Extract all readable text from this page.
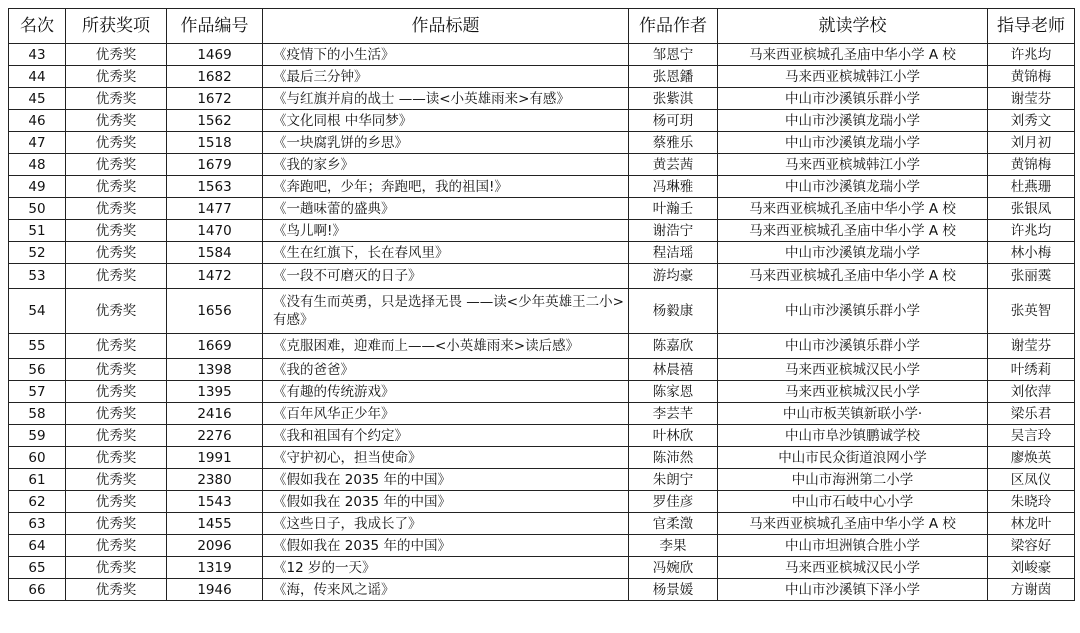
名次	所获奖项	作品编号	作品标题	作品作者	就读学校	指导老师
43	优秀奖	1469	《疫情下的小生活》	邹恩宁	马来西亚槟城孔圣庙中华小学 A 校	许兆均
44	优秀奖	1682	《最后三分钟》	张恩鐇	马来西亚槟城韩江小学	黄锦梅
45	优秀奖	1672	《与红旗并肩的战士 ——读<小英雄雨来>有感》	张紫淇	中山市沙溪镇乐群小学	谢莹芬
46	优秀奖	1562	《文化同根 中华同梦》	杨可玥	中山市沙溪镇龙瑞小学	刘秀文
47	优秀奖	1518	《一块腐乳饼的乡思》	蔡雅乐	中山市沙溪镇龙瑞小学	刘月初
48	优秀奖	1679	《我的家乡》	黄芸茜	马来西亚槟城韩江小学	黄锦梅
49	优秀奖	1563	《奔跑吧，少年；奔跑吧，我的祖国!》	冯琳雅	中山市沙溪镇龙瑞小学	杜燕珊
50	优秀奖	1477	《一趟味蕾的盛典》	叶瀚壬	马来西亚槟城孔圣庙中华小学 A 校	张银凤
51	优秀奖	1470	《鸟儿啊!》	谢浩宁	马来西亚槟城孔圣庙中华小学 A 校	许兆均
52	优秀奖	1584	《生在红旗下，长在春风里》	程洁瑶	中山市沙溪镇龙瑞小学	林小梅
53	优秀奖	1472	《一段不可磨灭的日子》	游均豪	马来西亚槟城孔圣庙中华小学 A 校	张丽霙
54	优秀奖	1656	《没有生而英勇，只是选择无畏 ——读<少年英雄王二小>有感》	杨毅康	中山市沙溪镇乐群小学	张英智
55	优秀奖	1669	《克服困难，迎难而上——<小英雄雨来>读后感》	陈嘉欣	中山市沙溪镇乐群小学	谢莹芬
56	优秀奖	1398	《我的爸爸》	林晨禧	马来西亚槟城汉民小学	叶绣莉
57	优秀奖	1395	《有趣的传统游戏》	陈家恩	马来西亚槟城汉民小学	刘依萍
58	优秀奖	2416	《百年风华正少年》	李芸芊	中山市板芙镇新联小学·	梁乐君
59	优秀奖	2276	《我和祖国有个约定》	叶林欣	中山市阜沙镇鹏诚学校	吴言玲
60	优秀奖	1991	《守护初心，担当使命》	陈沛然	中山市民众街道浪网小学	廖焕英
61	优秀奖	2380	《假如我在 2035 年的中国》	朱朗宁	中山市海洲第二小学	区凤仪
62	优秀奖	1543	《假如我在 2035 年的中国》	罗佳彦	中山市石岐中心小学	朱晓玲
63	优秀奖	1455	《这些日子，我成长了》	官柔澂	马来西亚槟城孔圣庙中华小学 A 校	林龙叶
64	优秀奖	2096	《假如我在 2035 年的中国》	李果	中山市坦洲镇合胜小学	梁容好
65	优秀奖	1319	《12 岁的一天》	冯婉欣	马来西亚槟城汉民小学	刘峻豪
66	优秀奖	1946	《海，传来风之谣》	杨景媛	中山市沙溪镇下泽小学	方谢茵
